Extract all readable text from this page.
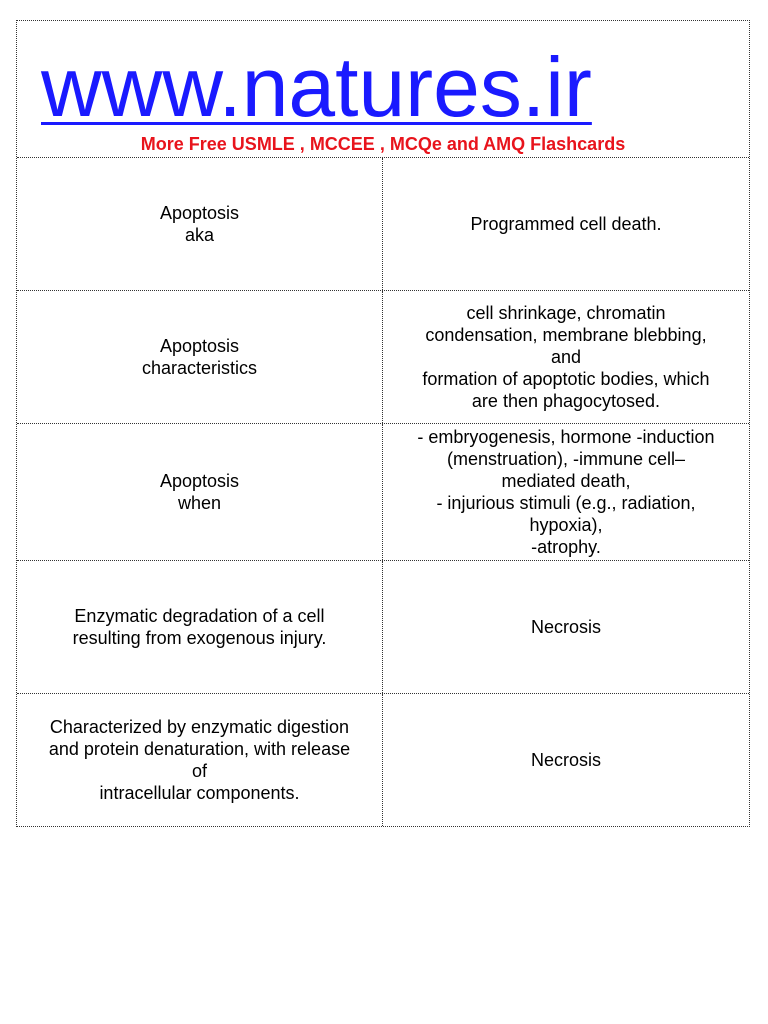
www.natures.ir
More Free USMLE , MCCEE , MCQe and AMQ Flashcards
Apoptosis
aka
Programmed cell death.
Apoptosis
characteristics
cell shrinkage, chromatin
condensation, membrane blebbing,
and
formation of apoptotic bodies, which
are then phagocytosed.
Apoptosis
when
- embryogenesis, hormone -induction
(menstruation), -immune cell–
mediated death,
- injurious stimuli (e.g., radiation,
hypoxia),
-atrophy.
Enzymatic degradation of a cell
resulting from exogenous injury.
Necrosis
Characterized by enzymatic digestion
and protein denaturation, with release
of
intracellular components.
Necrosis
